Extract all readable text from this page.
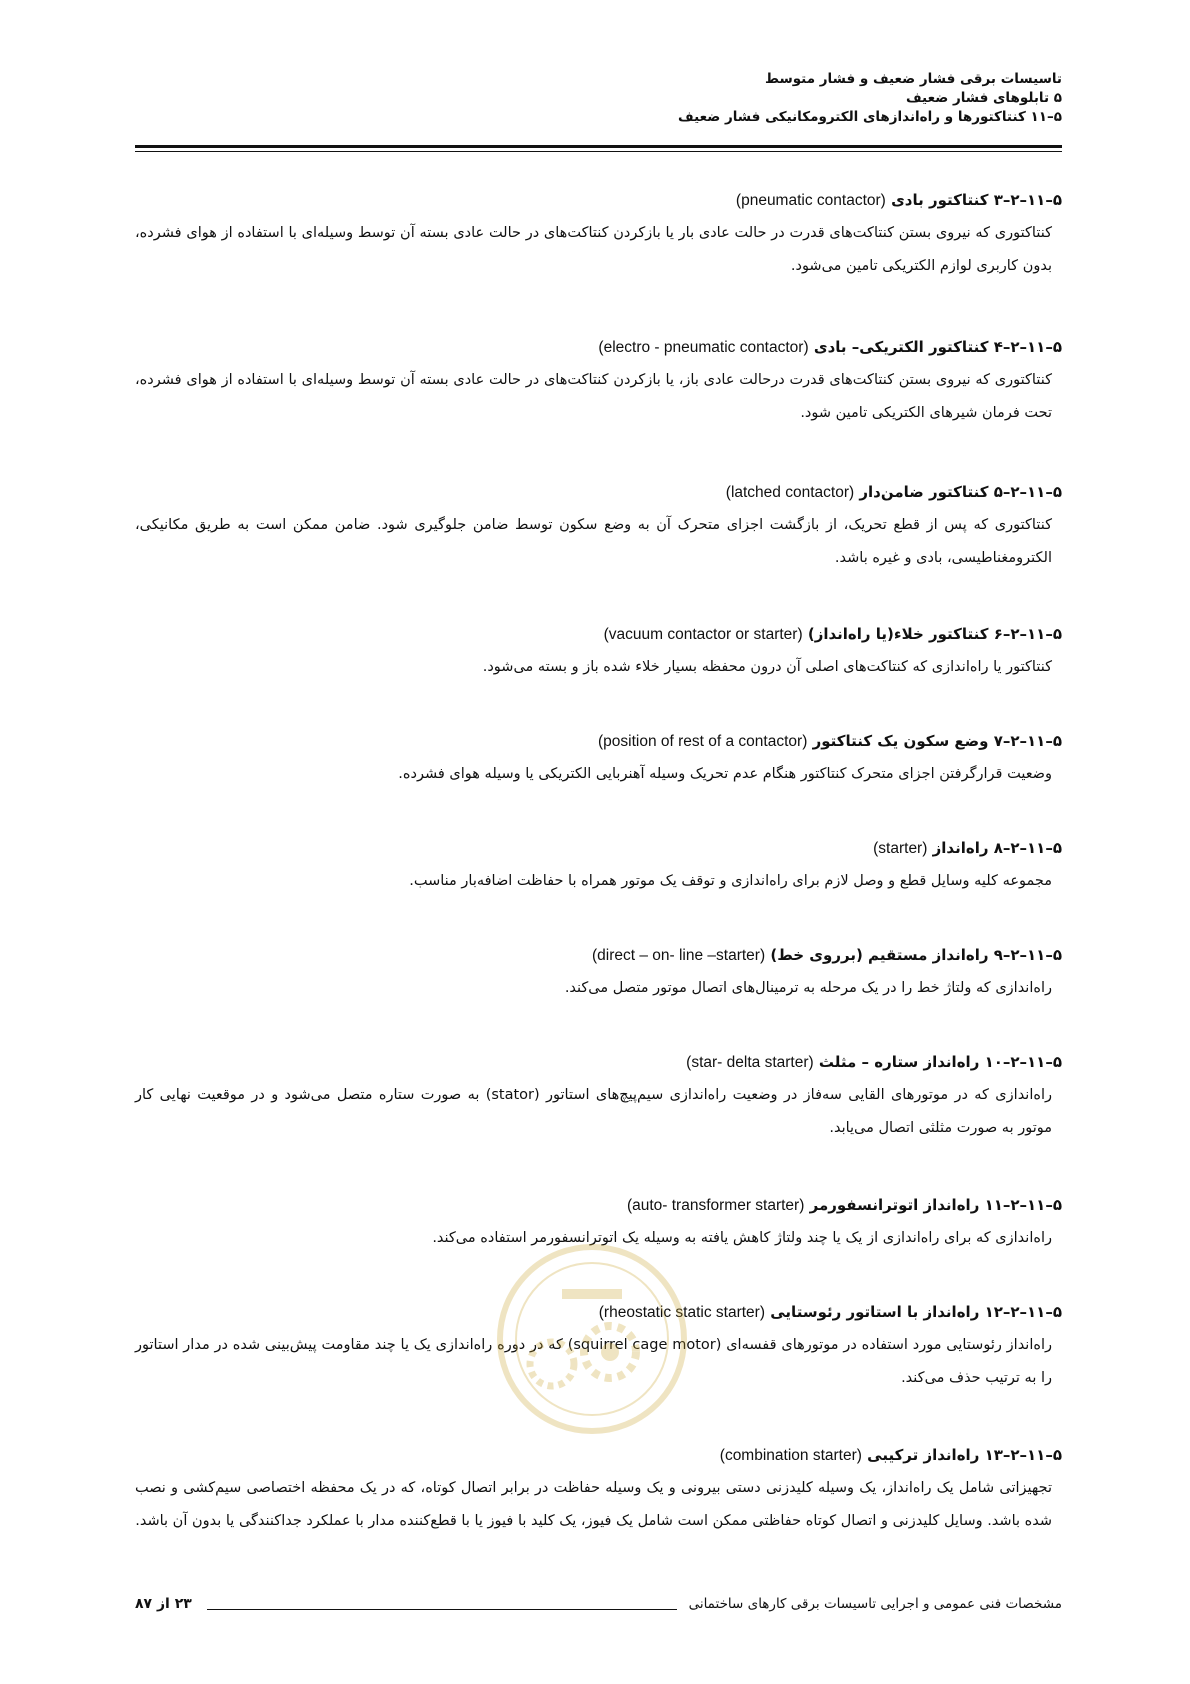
تاسیسات برقی فشار ضعیف و فشار متوسط
۵ تابلوهای فشار ضعیف
۵–۱۱ کنتاکتورها و راه‌اندازهای الکترومکانیکی فشار ضعیف
۵–۱۱–۲–۳ کنتاکتور بادی (pneumatic contactor)
کنتاکتوری که نیروی بستن کنتاکت‌های قدرت در حالت عادی بار یا بازکردن کنتاکت‌های در حالت عادی بسته آن توسط وسیله‌ای با استفاده از هوای فشرده، بدون کاربری لوازم الکتریکی تامین می‌شود.
۵–۱۱–۲–۴ کنتاکتور الکتریکی– بادی (electro - pneumatic contactor)
کنتاکتوری که نیروی بستن کنتاکت‌های قدرت درحالت عادی باز، یا بازکردن کنتاکت‌های در حالت عادی بسته آن توسط وسیله‌ای با استفاده از هوای فشرده، تحت فرمان شیرهای الکتریکی تامین شود.
۵–۱۱–۲–۵ کنتاکتور ضامن‌دار (latched contactor)
کنتاکتوری که پس از قطع تحریک، از بازگشت اجزای متحرک آن به وضع سکون توسط ضامن جلوگیری شود. ضامن ممکن است به طریق مکانیکی، الکترومغناطیسی، بادی و غیره باشد.
۵–۱۱–۲–۶ کنتاکتور خلاء(یا راه‌انداز) (vacuum contactor or starter)
کنتاکتور یا راه‌اندازی که کنتاکت‌های اصلی آن درون محفظه بسیار خلاء شده باز و بسته می‌شود.
۵–۱۱–۲–۷ وضع سکون یک کنتاکتور (position of rest of a contactor)
وضعیت قرارگرفتن اجزای متحرک کنتاکتور هنگام عدم تحریک وسیله آهنربایی الکتریکی یا وسیله هوای فشرده.
۵–۱۱–۲–۸ راه‌انداز (starter)
مجموعه کلیه وسایل قطع و وصل لازم برای راه‌اندازی و توقف یک موتور همراه با حفاظت اضافه‌بار مناسب.
۵–۱۱–۲–۹ راه‌انداز مستقیم (برروی خط) (direct – on- line –starter)
راه‌اندازی که ولتاژ خط را در یک مرحله به ترمینال‌های اتصال موتور متصل می‌کند.
۵–۱۱–۲–۱۰ راه‌انداز ستاره – مثلث (star- delta starter)
راه‌اندازی که در موتورهای القایی سه‌فاز در وضعیت راه‌اندازی سیم‌پیچ‌های استاتور (stator) به صورت ستاره متصل می‌شود و در موقعیت نهایی کار موتور به صورت مثلثی اتصال می‌یابد.
۵–۱۱–۲–۱۱ راه‌انداز اتوترانسفورمر (auto- transformer starter)
راه‌اندازی که برای راه‌اندازی از یک یا چند ولتاژ کاهش یافته به وسیله یک اتوترانسفورمر استفاده می‌کند.
۵–۱۱–۲–۱۲ راه‌انداز با استاتور رئوستایی (rheostatic static starter)
راه‌انداز رئوستایی مورد استفاده در موتورهای قفسه‌ای (squirrel cage motor) که در دوره راه‌اندازی یک یا چند مقاومت پیش‌بینی شده در مدار استاتور را به ترتیب حذف می‌کند.
۵–۱۱–۲–۱۳ راه‌انداز ترکیبی (combination starter)
تجهیزاتی شامل یک راه‌انداز، یک وسیله کلیدزنی دستی بیرونی و یک وسیله حفاظت در برابر اتصال کوتاه، که در یک محفظه اختصاصی سیم‌کشی و نصب شده باشد. وسایل کلیدزنی و اتصال کوتاه حفاظتی ممکن است شامل یک فیوز، یک کلید با فیوز یا با قطع‌کننده مدار با عملکرد جداکنندگی یا بدون آن باشد.
مشخصات فنی عمومی و اجرایی تاسیسات برقی کارهای ساختمانی
۲۳ از ۸۷
